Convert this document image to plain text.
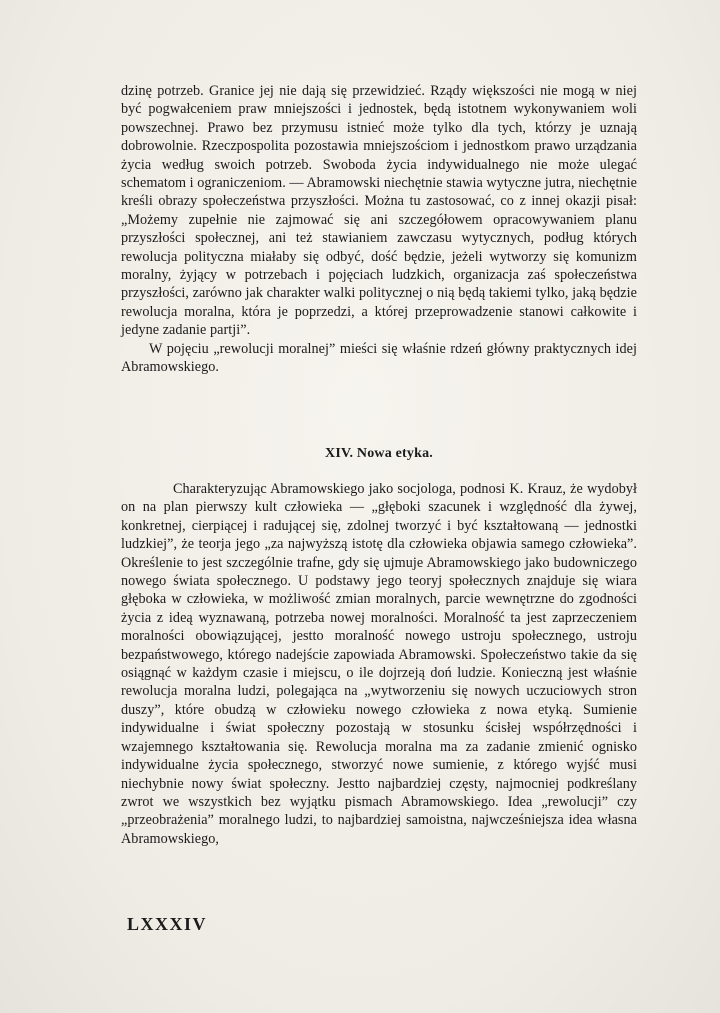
dzinę potrzeb. Granice jej nie dają się przewidzieć. Rządy większości nie mogą w niej być pogwałceniem praw mniejszości i jednostek, będą istotnem wykonywaniem woli powszechnej. Prawo bez przymusu istnieć może tylko dla tych, którzy je uznają dobrowolnie. Rzeczpospolita pozostawia mniejszościom i jednostkom prawo urządzania życia według swoich potrzeb. Swoboda życia indywidualnego nie może ulegać schematom i ograniczeniom. — Abramowski niechętnie stawia wytyczne jutra, niechętnie kreśli obrazy społeczeństwa przyszłości. Można tu zastosować, co z innej okazji pisał: „Możemy zupełnie nie zajmować się ani szczegółowem opracowywaniem planu przyszłości społecznej, ani też stawianiem zawczasu wytycznych, podług których rewolucja polityczna miałaby się odbyć, dość będzie, jeżeli wytworzy się komunizm moralny, żyjący w potrzebach i pojęciach ludzkich, organizacja zaś społeczeństwa przyszłości, zarówno jak charakter walki politycznej o nią będą takiemi tylko, jaką będzie rewolucja moralna, która je poprzedzi, a której przeprowadzenie stanowi całkowite i jedyne zadanie partji”.

W pojęciu „rewolucji moralnej” mieści się właśnie rdzeń główny praktycznych idej Abramowskiego.

XIV. Nowa etyka.

Charakteryzując Abramowskiego jako socjologa, podnosi K. Krauz, że wydobył on na plan pierwszy kult człowieka — „głęboki szacunek i względność dla żywej, konkretnej, cierpiącej i radującej się, zdolnej tworzyć i być kształtowaną — jednostki ludzkiej”, że teorja jego „za najwyższą istotę dla człowieka objawia samego człowieka”. Określenie to jest szczególnie trafne, gdy się ujmuje Abramowskiego jako budowniczego nowego świata społecznego. U podstawy jego teoryj społecznych znajduje się wiara głęboka w człowieka, w możliwość zmian moralnych, parcie wewnętrzne do zgodności życia z ideą wyznawaną, potrzeba nowej moralności. Moralność ta jest zaprzeczeniem moralności obowiązującej, jestto moralność nowego ustroju społecznego, ustroju bezpaństwowego, którego nadejście zapowiada Abramowski. Społeczeństwo takie da się osiągnąć w każdym czasie i miejscu, o ile dojrzeją doń ludzie. Konieczną jest właśnie rewolucja moralna ludzi, polegająca na „wytworzeniu się nowych uczuciowych stron duszy”, które obudzą w człowieku nowego człowieka z nowa etyką. Sumienie indywidualne i świat społeczny pozostają w stosunku ścisłej współrzędności i wzajemnego kształtowania się. Rewolucja moralna ma za zadanie zmienić ognisko indywidualne życia społecznego, stworzyć nowe sumienie, z którego wyjść musi niechybnie nowy świat społeczny. Jestto najbardziej częsty, najmocniej podkreślany zwrot we wszystkich bez wyjątku pismach Abramowskiego. Idea „rewolucji” czy „przeobrażenia” moralnego ludzi, to najbardziej samoistna, najwcześniejsza idea własna Abramowskiego,

LXXXIV
